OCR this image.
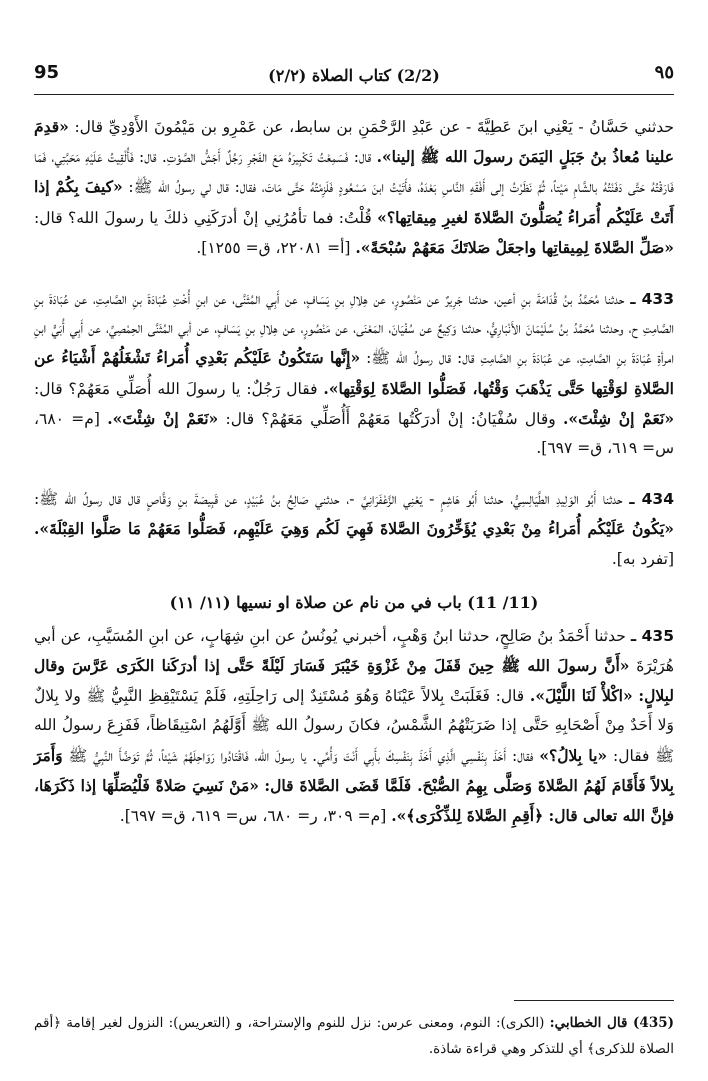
95	(2/2) كتاب الصلاة (٢/٢)	٩٥

حدثني حَسَّانُ - يَعْنِي ابنَ عَطِيَّةَ - عن عَبْدِ الرَّحْمَنِ بن سابط، عن عَمْرِو بن مَيْمُونَ الأَوْدِيِّ قال: «قدِمَ علينا مُعاذُ بنُ جَبَلٍ اليَمَنَ رسولَ الله ﷺ إلينا». قال: فَسَمِعْتُ تَكْبِيرَهُ مَعَ الفَجْرِ رَجُلٌ أَجَشُّ الصَّوْتِ. قال: فَأُلْقِيتُ عَلَيْهِ مَحَبَّتِي، فَمَا فَارَقْتُهُ حَتَّى دَفَنْتُهُ بالشَّامِ مَيْتاً، ثُمَّ نَظَرْتُ إلى أَفْقَهِ النَّاسِ بَعْدَهُ، فأَتَيْتُ ابنَ مَسْعُودٍ فَلَزِمْتُهُ حَتَّى مَاتَ، فقال: قال لي رسولُ الله ﷺ: «كيفَ بِكُمْ إذا أَتَتْ عَلَيْكُم أُمَراءُ يُصَلُّونَ الصَّلاةَ لغيرِ مِيقاتِها؟» قُلْتُ: فما تأمُرُنِي إنْ أدرَكَنِي ذلكَ يا رسولَ الله؟ قال: «صَلِّ الصَّلاةَ لِمِيقاتِها واجعَلْ صَلاتَكَ مَعَهُمْ سُبْحَةً». [أ= ٢٢٠٨١، ق= ١٢٥٥].

433 ـ حدثنا مُحَمَّدُ بنُ قُدَامَةَ بنِ أعين، حدثنا جَرِيرٌ عن مَنْصُورٍ، عن هِلالِ بنِ يَسَافٍ، عن أَبِي المُثَنَّى، عن ابنِ أُخْتِ عُبَادَةَ بنِ الصَّامِتِ، عن عُبَادَةَ بنِ الصَّامِتِ ح، وحدثنا مُحَمَّدُ بنُ سُلَيْمَانَ الأَنْبَارِيُّ، حدثنا وَكِيعٌ عن سُفْيَانَ، المَعْنَى، عن مَنْصُورٍ، عن هِلالِ بنِ يَسَافٍ، عن أبي المُثَنَّى الحِمْصِيِّ، عن أَبِي أُبَيٍّ ابنِ امرأةِ عُبَادَةَ بنِ الصَّامِتِ، عن عُبَادَةَ بنِ الصَّامِتِ قال: قال رسولُ الله ﷺ: «إِنَّها سَتَكُونُ عَلَيْكُم بَعْدِي أُمَراءُ تَشْغَلُهُمْ أَشْيَاءُ عن الصَّلاةِ لوَقْتِها حَتَّى يَذْهَبَ وَقْتُها، فَصَلُّوا الصَّلاةَ لِوَقْتِها». فقال رَجُلٌ: يا رسولَ الله أُصَلِّي مَعَهُمْ؟ قال: «نَعَمْ إنْ شِئْتَ». وقال سُفْيَانُ: إنْ أدرَكْتُها مَعَهُمْ أَأُصَلِّي مَعَهُمْ؟ قال: «نَعَمْ إنْ شِئْتَ». [م= ٦٨٠، س= ٦١٩، ق= ٦٩٧].

434 ـ حدثنا أَبُو الوَلِيدِ الطَّيَالِسِيُّ، حدثنا أَبُو هَاشِمٍ - يَعْنِي الزَّعْفَرَانِيَّ -، حدثني صَالِحُ بنُ عُبَيْدٍ، عن قَبِيصَةَ بنِ وَقَّاصٍ قال قال رسولُ الله ﷺ: «يَكُونُ عَلَيْكُم أُمَراءُ مِنْ بَعْدِي يُؤَخِّرُونَ الصَّلاةَ فَهِيَ لَكُم وَهِيَ عَلَيْهِم، فَصَلُّوا مَعَهُمْ مَا صَلَّوا القِبْلَةَ». [تفرد به].

(11/ 11) باب في من نام عن صلاة او نسيها (١١/ ١١)

435 ـ حدثنا أَحْمَدُ بنُ صَالِحٍ، حدثنا ابنُ وَهْبٍ، أخبرني يُونُسُ عن ابنِ شِهَابٍ، عن ابنِ المُسَيَّبِ، عن أبي هُرَيْرَةَ «أَنَّ رسولَ الله ﷺ حِينَ قَفَلَ مِنْ غَزْوَةِ خَيْبَرَ فَسَارَ لَيْلَةً حَتَّى إذا أدرَكَنا الكَرَى عَرَّسَ وقال لبِلالٍ: «اكْلأْ لَنَا اللَّيْلَ». قال: فَغَلَبَتْ بِلالاً عَيْنَاهُ وَهُوَ مُسْتَنِدٌ إلى رَاحِلَتِهِ، فَلَمْ يَسْتَيْقِظِ النَّبِيُّ ﷺ ولا بِلالٌ وَلا أَحَدٌ مِنْ أَصْحَابِهِ حَتَّى إذا ضَرَبَتْهُمُ الشَّمْسُ، فكانَ رسولُ الله ﷺ أَوَّلَهُمُ اسْتِيقَاظاً، فَفَزِعَ رسولُ الله ﷺ فقال: «يا بِلالُ؟» فقال: أَخَذَ بِنَفْسِي الَّذِي أَخَذَ بِنَفْسِكَ بأَبِي أَنْتَ وَأُمِّي. يا رسولَ الله، فَاقْتَادُوا رَوَاحِلَهُمْ شَيْئاً، ثُمَّ تَوَضَّأَ النَّبِيُّ ﷺ وَأَمَرَ بِلالاً فَأَقَامَ لَهُمُ الصَّلاةَ وَصَلَّى بِهِمُ الصُّبْحَ. فَلَمَّا قَضَى الصَّلاةَ قال: «مَنْ نَسِيَ صَلاةً فَلْيُصَلِّهَا إذا ذَكَرَهَا، فإنَّ الله تعالى قال: ﴿أَقِمِ الصَّلاةَ لِلذِّكْرَى﴾». [م= ٣٠٩، ر= ٦٨٠، س= ٦١٩، ق= ٦٩٧].

(435) قال الخطابي: (الكرى): النوم، ومعنى عرس: نزل للنوم والإستراحة، و (التعريس): النزول لغير إقامة ﴿أقم الصلاة للذكرى﴾ أي للتذكر وهي قراءة شاذة.
